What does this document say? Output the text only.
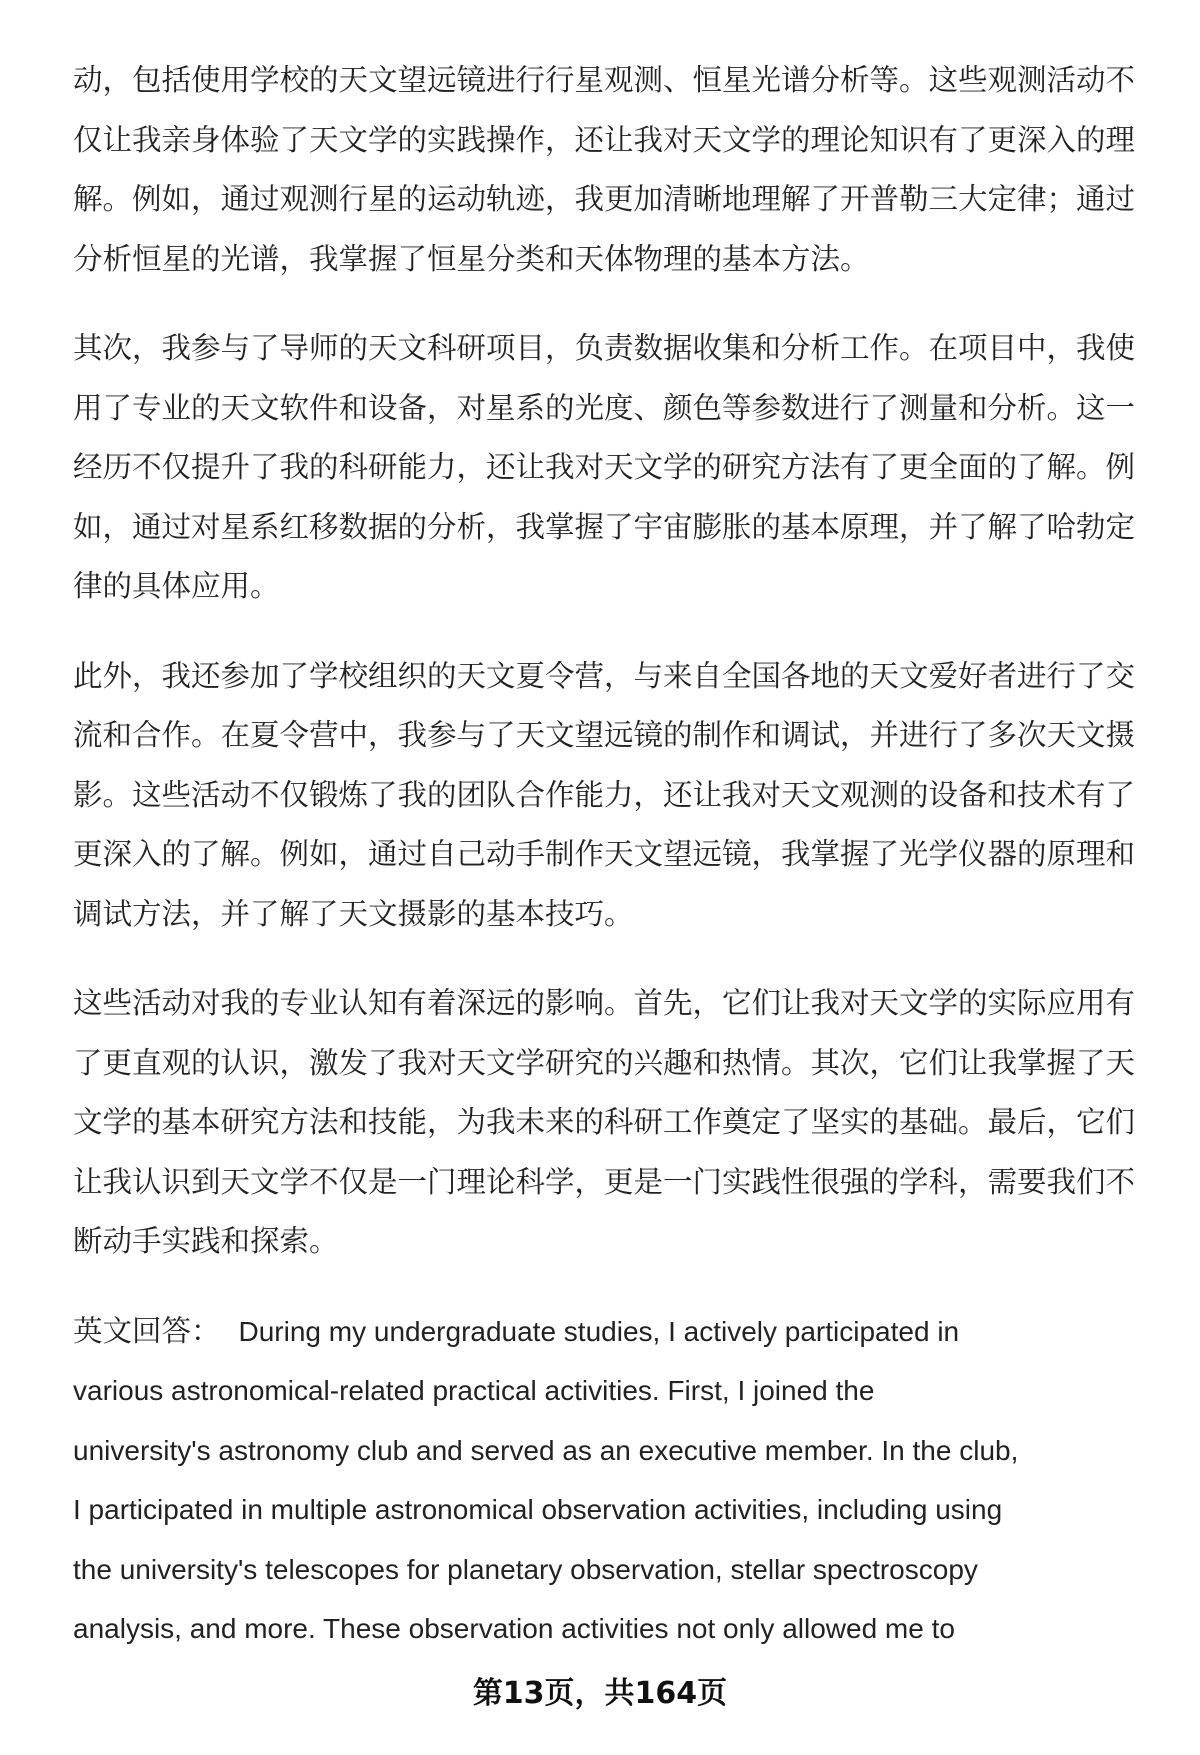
动，包括使用学校的天文望远镜进行行星观测、恒星光谱分析等。这些观测活动不
仅让我亲身体验了天文学的实践操作，还让我对天文学的理论知识有了更深入的理
解。例如，通过观测行星的运动轨迹，我更加清晰地理解了开普勒三大定律；通过
分析恒星的光谱，我掌握了恒星分类和天体物理的基本方法。
其次，我参与了导师的天文科研项目，负责数据收集和分析工作。在项目中，我使
用了专业的天文软件和设备，对星系的光度、颜色等参数进行了测量和分析。这一
经历不仅提升了我的科研能力，还让我对天文学的研究方法有了更全面的了解。例
如，通过对星系红移数据的分析，我掌握了宇宙膨胀的基本原理，并了解了哈勃定
律的具体应用。
此外，我还参加了学校组织的天文夏令营，与来自全国各地的天文爱好者进行了交
流和合作。在夏令营中，我参与了天文望远镜的制作和调试，并进行了多次天文摄
影。这些活动不仅锻炼了我的团队合作能力，还让我对天文观测的设备和技术有了
更深入的了解。例如，通过自己动手制作天文望远镜，我掌握了光学仪器的原理和
调试方法，并了解了天文摄影的基本技巧。
这些活动对我的专业认知有着深远的影响。首先，它们让我对天文学的实际应用有
了更直观的认识，激发了我对天文学研究的兴趣和热情。其次，它们让我掌握了天
文学的基本研究方法和技能，为我未来的科研工作奠定了坚实的基础。最后，它们
让我认识到天文学不仅是一门理论科学，更是一门实践性很强的学科，需要我们不
断动手实践和探索。
英文回答： During my undergraduate studies, I actively participated in
various astronomical-related practical activities. First, I joined the
university's astronomy club and served as an executive member. In the club,
I participated in multiple astronomical observation activities, including using
the university's telescopes for planetary observation, stellar spectroscopy
analysis, and more. These observation activities not only allowed me to
第13页，共164页
